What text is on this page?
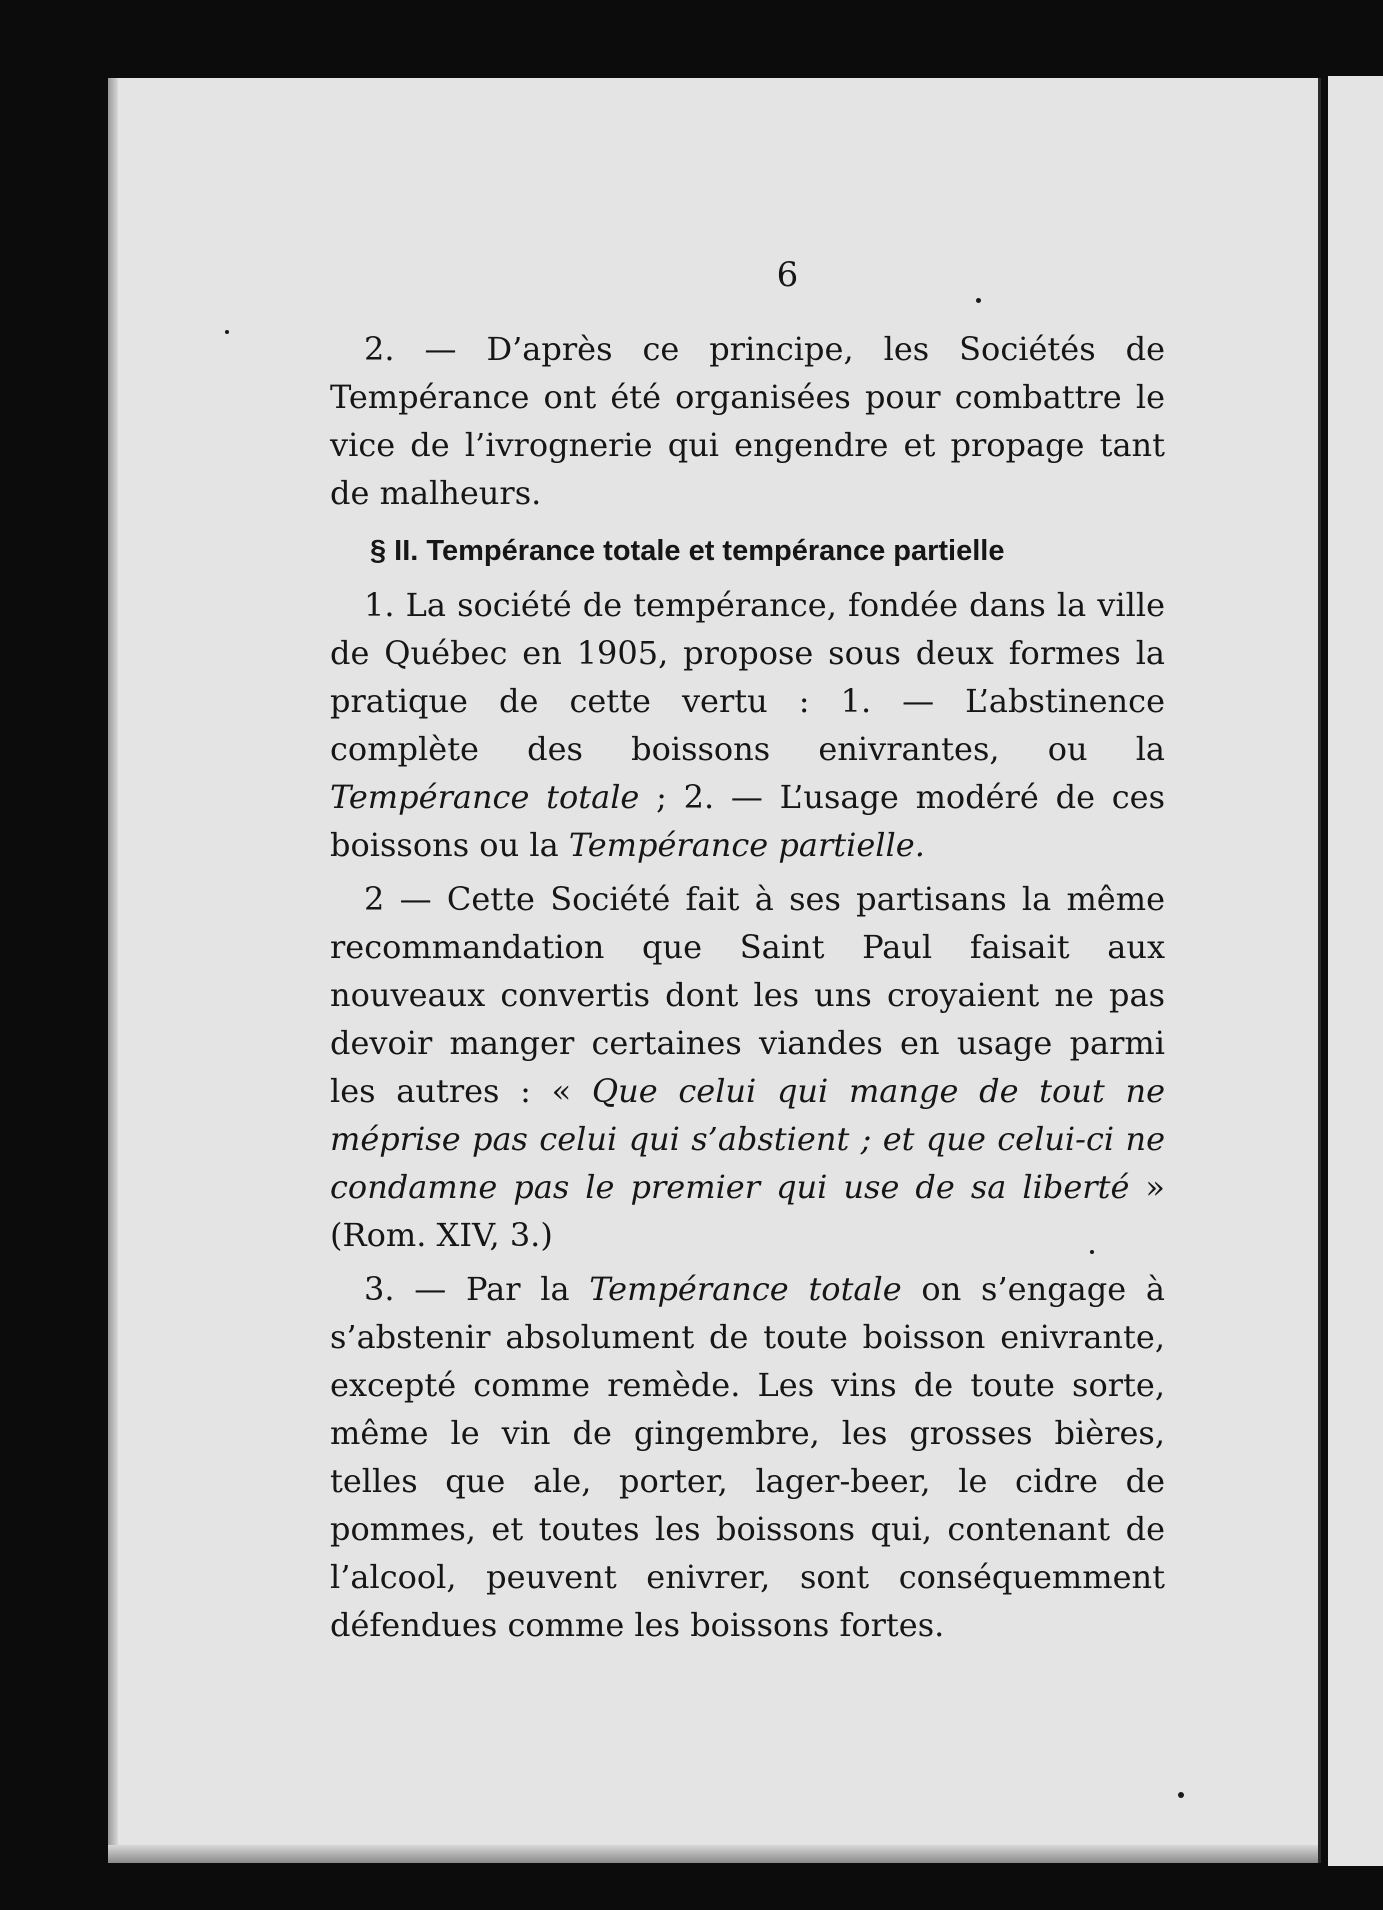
6

2. — D’après ce principe, les Sociétés de Tempérance ont été organisées pour combattre le vice de l’ivrognerie qui engendre et propage tant de malheurs.

§ II. Tempérance totale et tempérance partielle

1. La société de tempérance, fondée dans la ville de Québec en 1905, propose sous deux formes la pratique de cette vertu : 1. — L’abstinence complète des boissons enivrantes, ou la Tempérance totale ; 2. — L’usage modéré de ces boissons ou la Tempérance partielle.

2 — Cette Société fait à ses partisans la même recommandation que Saint Paul faisait aux nouveaux convertis dont les uns croyaient ne pas devoir manger certaines viandes en usage parmi les autres : « Que celui qui mange de tout ne méprise pas celui qui s’abstient ; et que celui-ci ne condamne pas le premier qui use de sa liberté » (Rom. XIV, 3.)

3. — Par la Tempérance totale on s’engage à s’abstenir absolument de toute boisson enivrante, excepté comme remède. Les vins de toute sorte, même le vin de gingembre, les grosses bières, telles que ale, porter, lager-beer, le cidre de pommes, et toutes les boissons qui, contenant de l’alcool, peuvent enivrer, sont conséquemment défendues comme les boissons fortes.
